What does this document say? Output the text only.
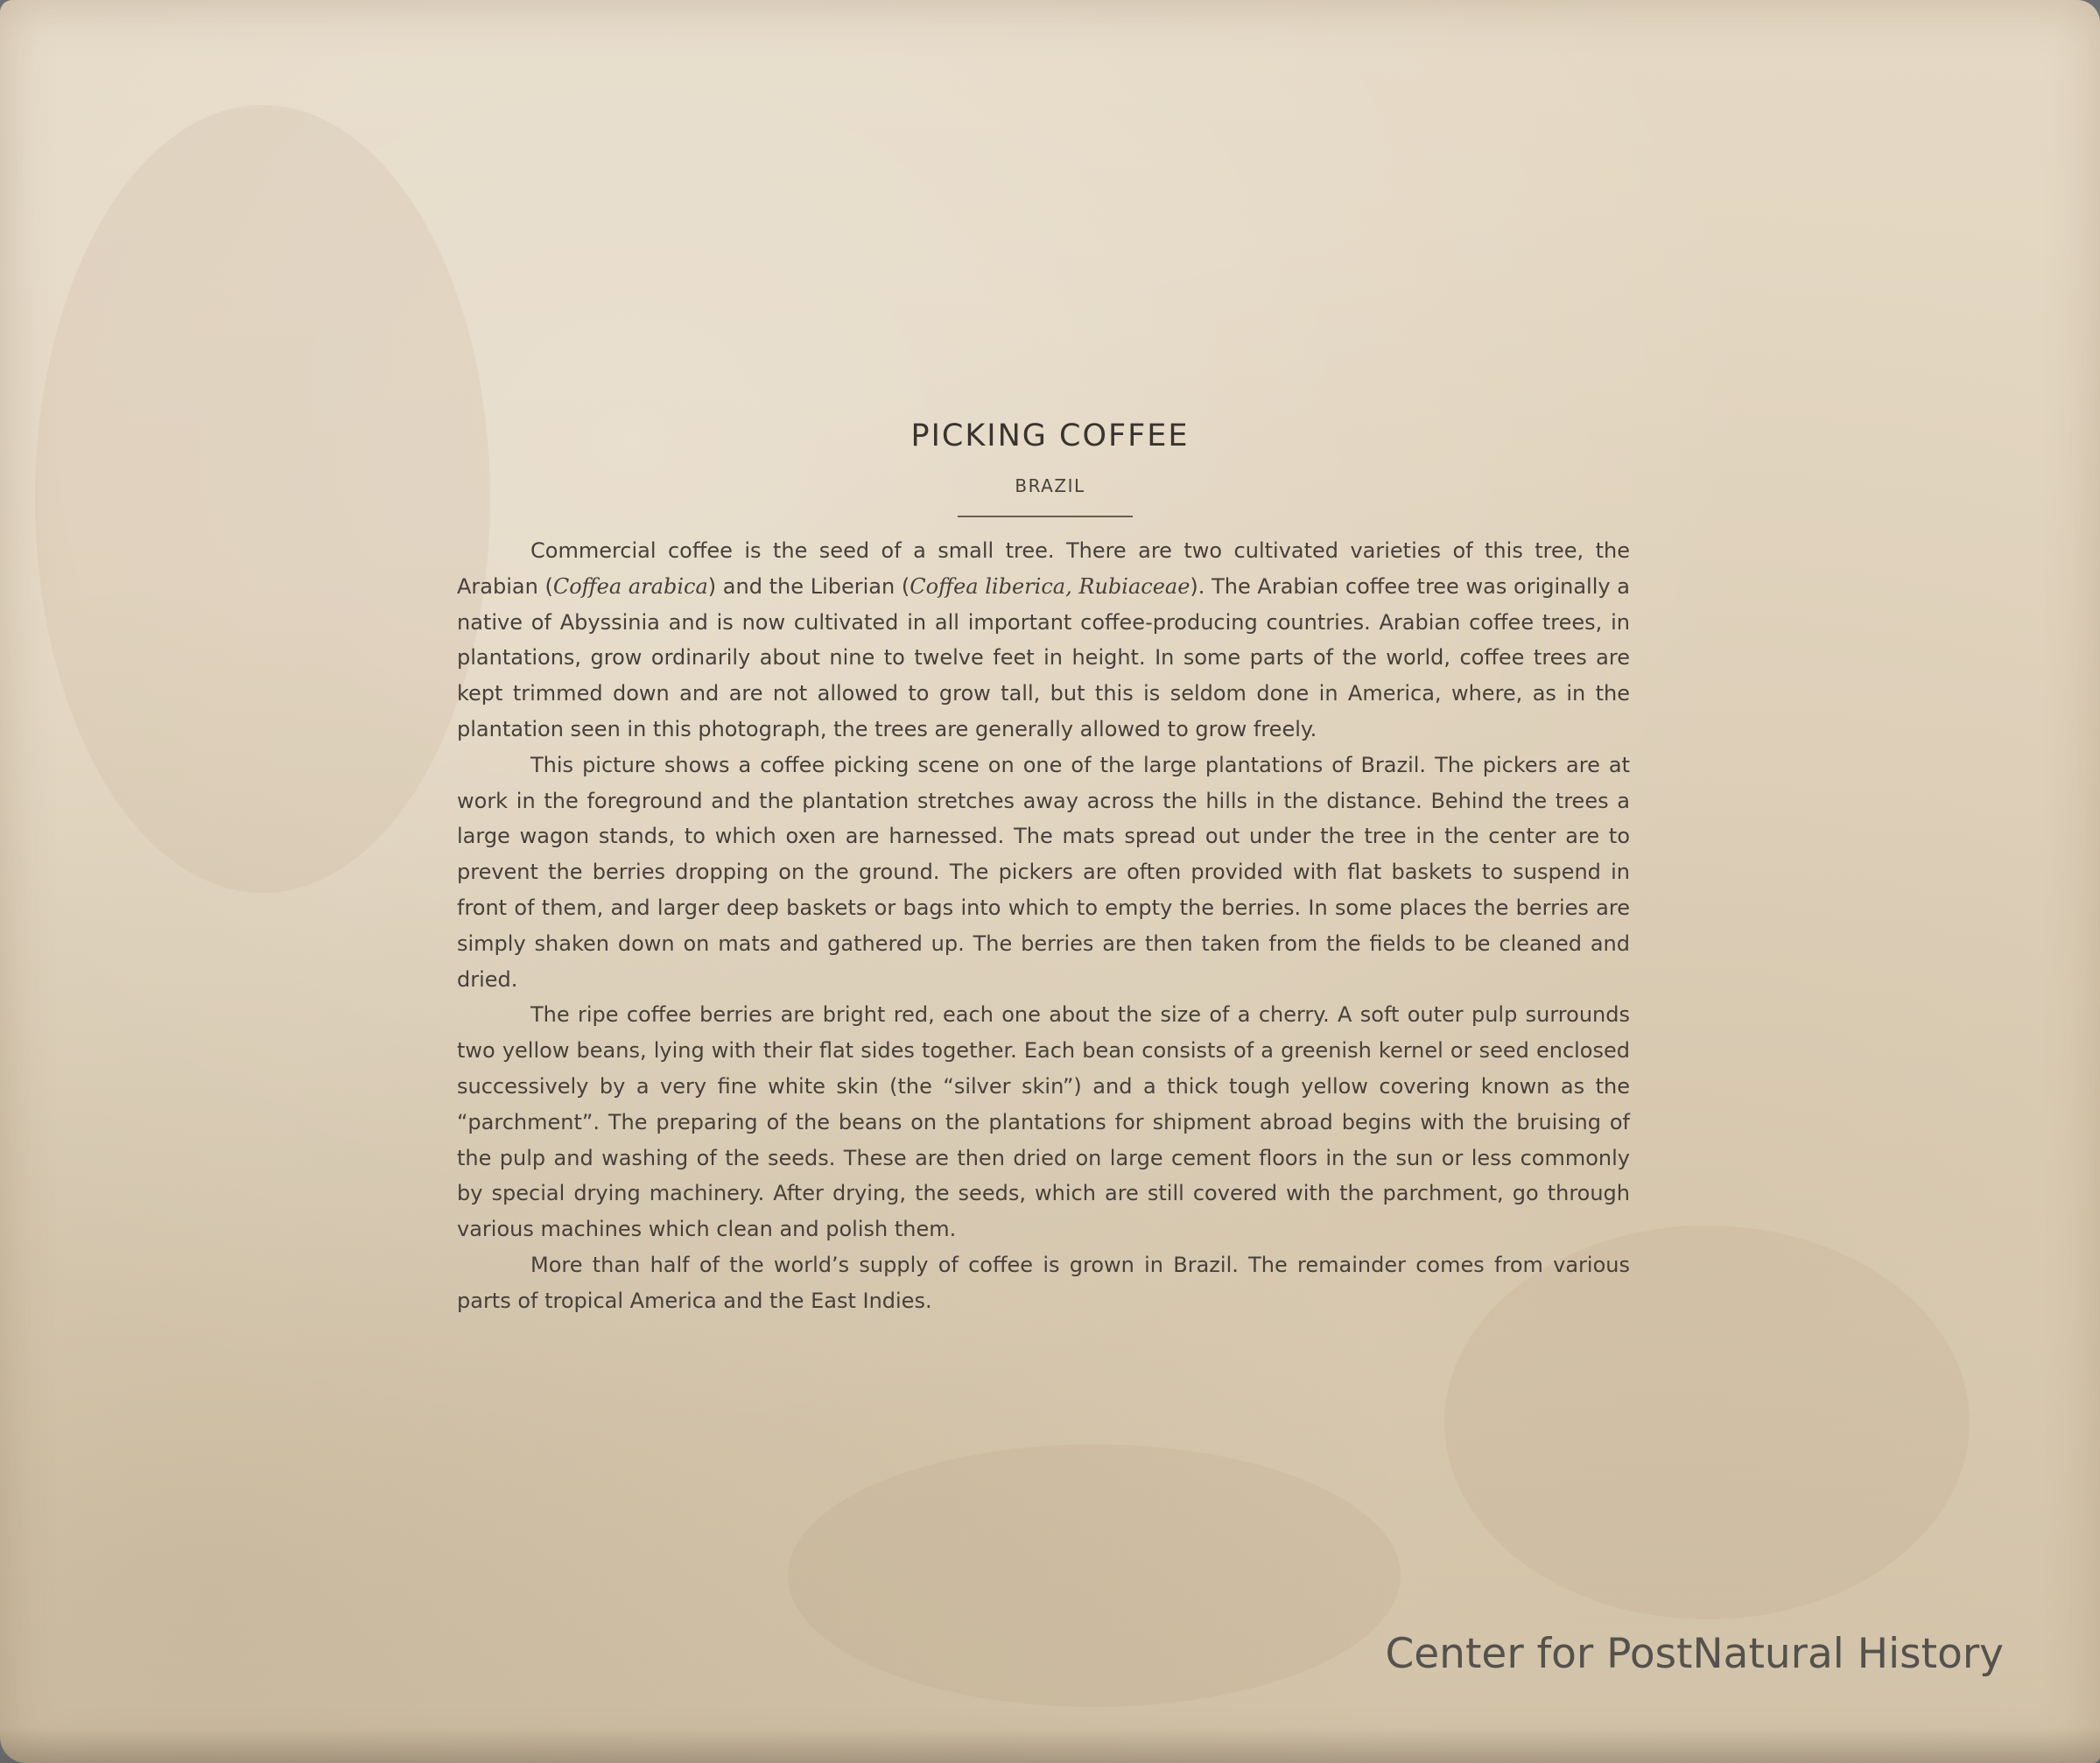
PICKING COFFEE
BRAZIL

Commercial coffee is the seed of a small tree. There are two cultivated varieties of this tree, the Arabian (Coffea arabica) and the Liberian (Coffea liberica, Rubiaceae). The Arabian coffee tree was originally a native of Abyssinia and is now cultivated in all important coffee-producing countries. Arabian coffee trees, in plantations, grow ordinarily about nine to twelve feet in height. In some parts of the world, coffee trees are kept trimmed down and are not allowed to grow tall, but this is seldom done in America, where, as in the plantation seen in this photograph, the trees are generally allowed to grow freely.

This picture shows a coffee picking scene on one of the large plantations of Brazil. The pickers are at work in the foreground and the plantation stretches away across the hills in the distance. Behind the trees a large wagon stands, to which oxen are harnessed. The mats spread out under the tree in the center are to prevent the berries dropping on the ground. The pickers are often provided with flat baskets to suspend in front of them, and larger deep baskets or bags into which to empty the berries. In some places the berries are simply shaken down on mats and gathered up. The berries are then taken from the fields to be cleaned and dried.

The ripe coffee berries are bright red, each one about the size of a cherry. A soft outer pulp surrounds two yellow beans, lying with their flat sides together. Each bean consists of a greenish kernel or seed enclosed successively by a very fine white skin (the “silver skin”) and a thick tough yellow covering known as the “parchment”. The preparing of the beans on the plantations for shipment abroad begins with the bruising of the pulp and washing of the seeds. These are then dried on large cement floors in the sun or less commonly by special drying machinery. After drying, the seeds, which are still covered with the parchment, go through various machines which clean and polish them.

More than half of the world’s supply of coffee is grown in Brazil. The remainder comes from various parts of tropical America and the East Indies.

Center for PostNatural History
